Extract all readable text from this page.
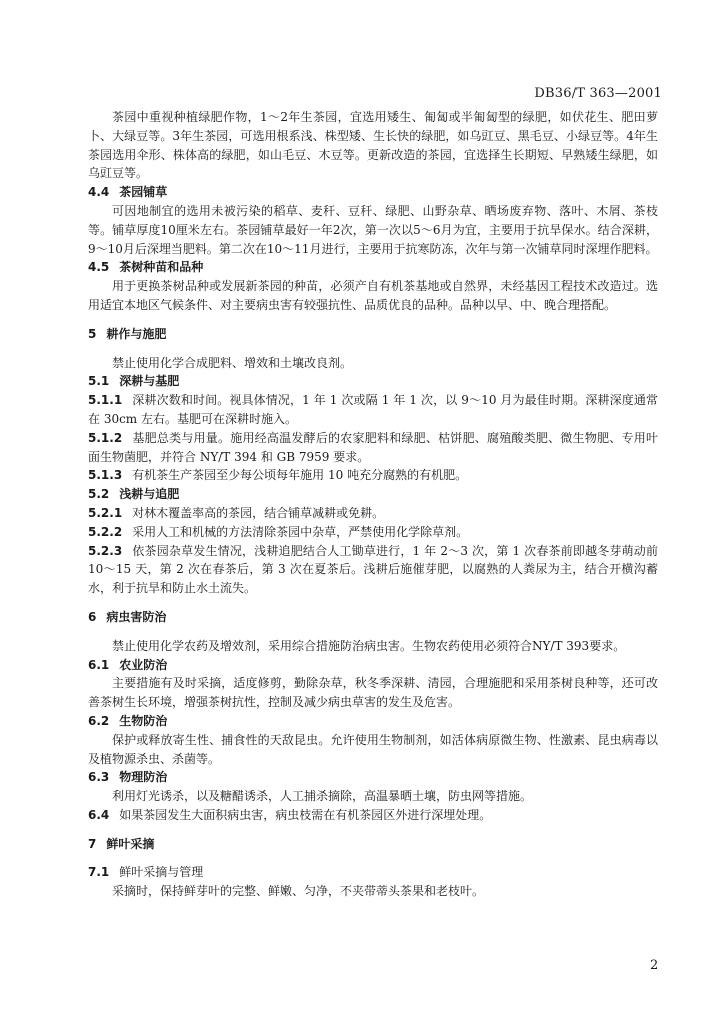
DB36/T 363—2001

茶园中重视种植绿肥作物，1～2年生茶园，宜选用矮生、匍匐或半匍匐型的绿肥，如伏花生、肥田萝卜、大绿豆等。3年生茶园，可选用根系浅、株型矮、生长快的绿肥，如乌豇豆、黑毛豆、小绿豆等。4年生茶园选用伞形、株体高的绿肥，如山毛豆、木豆等。更新改造的茶园，宜选择生长期短、早熟矮生绿肥，如乌豇豆等。

4.4 茶园铺草

可因地制宜的选用未被污染的稻草、麦秆、豆秆、绿肥、山野杂草、晒场废弃物、落叶、木屑、茶枝等。铺草厚度10厘米左右。茶园铺草最好一年2次，第一次以5～6月为宜，主要用于抗旱保水。结合深耕，9～10月后深埋当肥料。第二次在10～11月进行，主要用于抗寒防冻，次年与第一次铺草同时深埋作肥料。

4.5 茶树种苗和品种

用于更换茶树品种或发展新茶园的种苗，必须产自有机茶基地或自然界，未经基因工程技术改造过。选用适宜本地区气候条件、对主要病虫害有较强抗性、品质优良的品种。品种以早、中、晚合理搭配。

5 耕作与施肥

禁止使用化学合成肥料、增效和土壤改良剂。

5.1 深耕与基肥

5.1.1 深耕次数和时间。视具体情况，1 年 1 次或隔 1 年 1 次，以 9～10 月为最佳时期。深耕深度通常在 30cm 左右。基肥可在深耕时施入。

5.1.2 基肥总类与用量。施用经高温发酵后的农家肥料和绿肥、枯饼肥、腐殖酸类肥、微生物肥、专用叶面生物菌肥，并符合 NY/T 394 和 GB 7959 要求。

5.1.3 有机茶生产茶园至少每公顷每年施用 10 吨充分腐熟的有机肥。

5.2 浅耕与追肥

5.2.1 对林木覆盖率高的茶园，结合铺草减耕或免耕。

5.2.2 采用人工和机械的方法清除茶园中杂草，严禁使用化学除草剂。

5.2.3 依茶园杂草发生情况，浅耕追肥结合人工锄草进行，1 年 2～3 次，第 1 次春茶前即越冬芽萌动前 10～15 天，第 2 次在春茶后，第 3 次在夏茶后。浅耕后施催芽肥，以腐熟的人粪尿为主，结合开横沟蓄水，利于抗旱和防止水土流失。

6 病虫害防治

禁止使用化学农药及增效剂，采用综合措施防治病虫害。生物农药使用必须符合NY/T 393要求。

6.1 农业防治

主要措施有及时采摘，适度修剪，勤除杂草，秋冬季深耕、清园，合理施肥和采用茶树良种等，还可改善茶树生长环境，增强茶树抗性，控制及减少病虫草害的发生及危害。

6.2 生物防治

保护或释放寄生性、捕食性的天敌昆虫。允许使用生物制剂，如活体病原微生物、性激素、昆虫病毒以及植物源杀虫、杀菌等。

6.3 物理防治

利用灯光诱杀，以及糖醋诱杀，人工捕杀摘除，高温暴晒土壤，防虫网等措施。

6.4 如果茶园发生大面积病虫害，病虫枝需在有机茶园区外进行深埋处理。

7 鲜叶采摘

7.1 鲜叶采摘与管理

采摘时，保持鲜芽叶的完整、鲜嫩、匀净，不夹带蒂头茶果和老枝叶。

2
